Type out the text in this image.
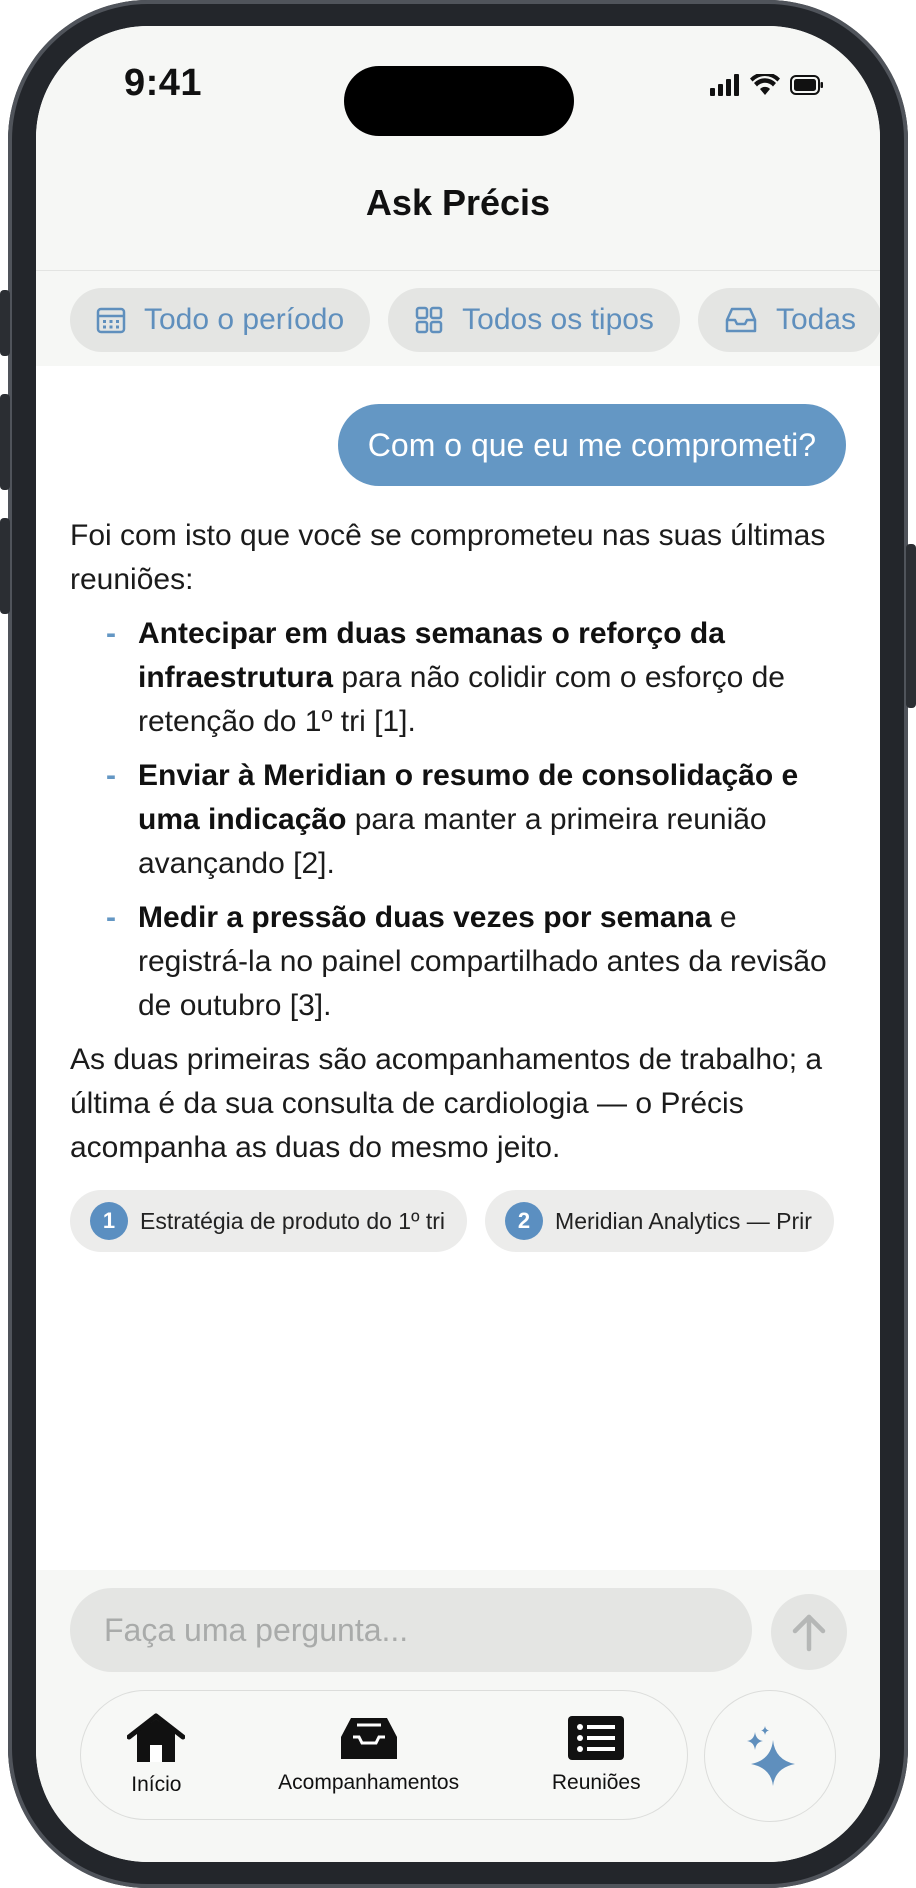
9:41
Ask Précis
Todo o período	Todos os tipos	Todas
Com o que eu me comprometi?

Foi com isto que você se comprometeu nas suas últimas reuniões:

- Antecipar em duas semanas o reforço da infraestrutura para não colidir com o esforço de retenção do 1º tri [1].
- Enviar à Meridian o resumo de consolidação e uma indicação para manter a primeira reunião avançando [2].
- Medir a pressão duas vezes por semana e registrá-la no painel compartilhado antes da revisão de outubro [3].

As duas primeiras são acompanhamentos de trabalho; a última é da sua consulta de cardiologia — o Précis acompanha as duas do mesmo jeito.

1	Estratégia de produto do 1º tri	2	Meridian Analytics — Prir
Faça uma pergunta...
Início	Acompanhamentos	Reuniões
